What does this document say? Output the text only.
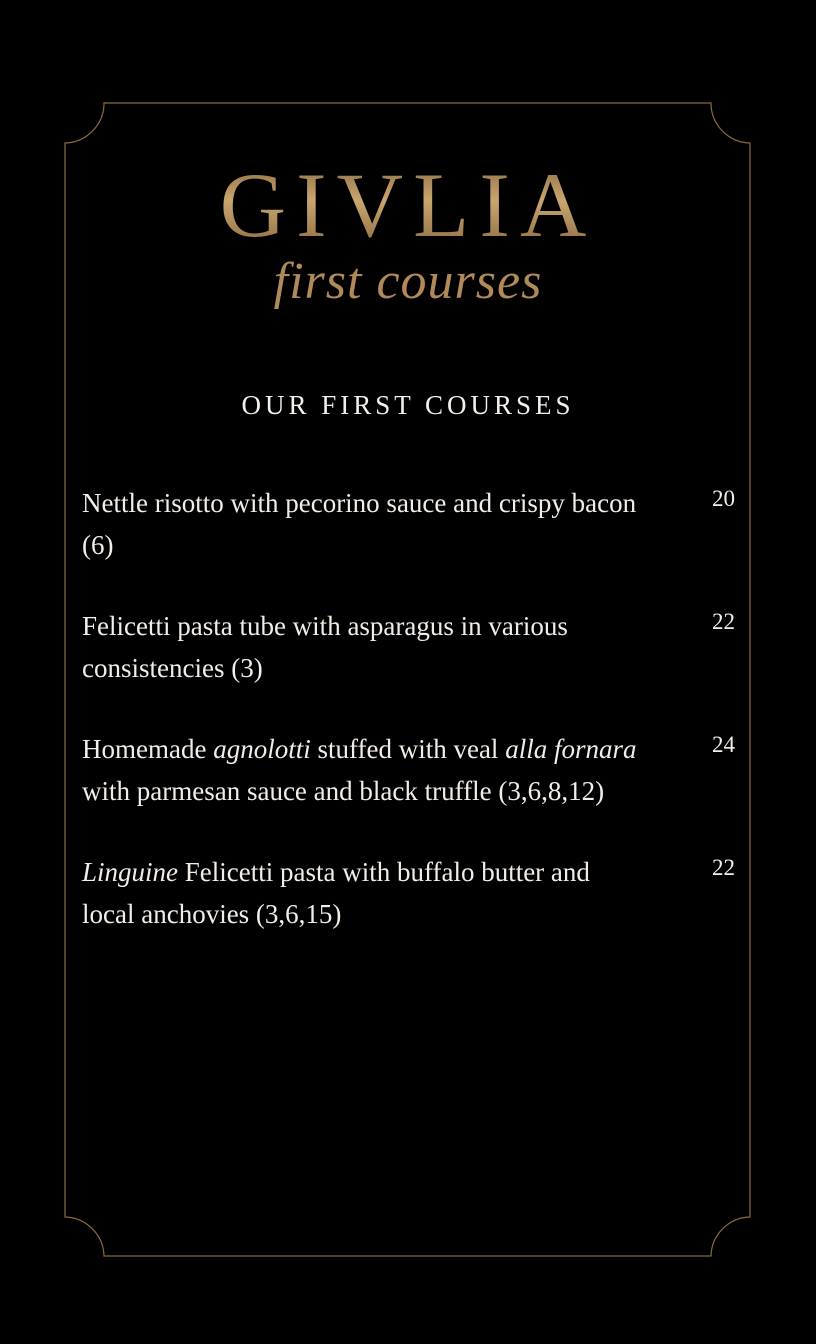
GIVLIA
first courses
OUR FIRST COURSES
Nettle risotto with pecorino sauce and crispy bacon (6)
20
Felicetti pasta tube with asparagus in various consistencies (3)
22
Homemade agnolotti stuffed with veal alla fornara with parmesan sauce and black truffle (3,6,8,12)
24
Linguine Felicetti pasta with buffalo butter and local anchovies (3,6,15)
22
